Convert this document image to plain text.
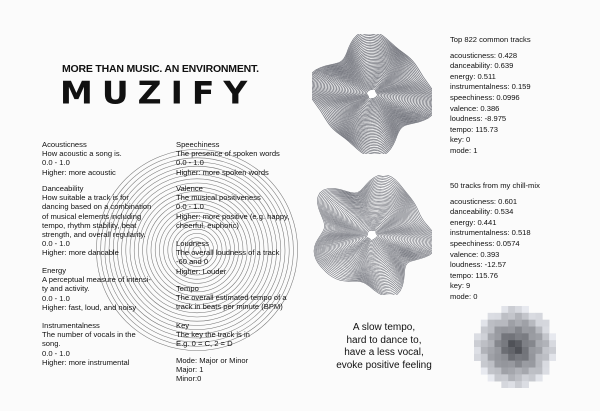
MORE THAN MUSIC. AN ENVIRONMENT.
MUZIFY
Acousticness
How acoustic a song is.
0.0 - 1.0
Higher: more acoustic
Danceability
How suitable a track is for
dancing based on a combination
of musical elements including
tempo, rhythm stability, beat
strength, and overall regularity.
0.0 - 1.0
Higher: more dancable
Energy
A perceptual measure of intensi-
ty and activity.
0.0 - 1.0
Higher: fast, loud, and noisy
Instrumentalness
The number of vocals in the
song.
0.0 - 1.0
Higher: more instrumental
Speechiness
The presence of spoken words
0.0 - 1.0
Higher: more spoken words
Valence
The musical positiveness
0.0 - 1.0
Higher: more positive (e.g. happy,
cheerful, euphoric)
Loudness
The overall loudness of a track
-60 and 0
Higher: Louder
Tempo
The overall estimated tempo of a
track in beats per minute (BPM)
Key
The key the track is in
E.g. 0 = C, 2 = D
Mode: Major or Minor
Major: 1
Minor:0
Top 822 common tracks
acousticness: 0.428
danceability: 0.639
energy: 0.511
instrumentalness: 0.159
speechiness: 0.0996
valence: 0.386
loudness: -8.975
tempo: 115.73
key: 0
mode: 1
50 tracks from my chill-mix
acousticness: 0.601
danceability: 0.534
energy: 0.441
instrumentalness: 0.518
speechiness: 0.0574
valence: 0.393
loudness: -12.57
tempo: 115.76
key: 9
mode: 0
A slow tempo,
hard to dance to,
have a less vocal,
evoke positive feeling
